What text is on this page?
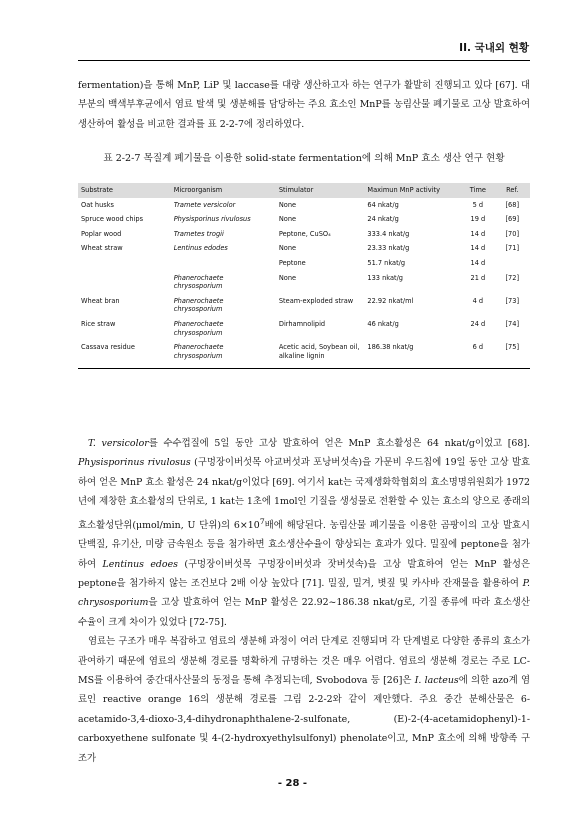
II. 국내외 현황

fermentation)을 통해 MnP, LiP 및 laccase를 대량 생산하고자 하는 연구가 활발히 진행되고 있다 [67]. 대부분의 백색부후균에서 염료 탈색 및 생분해를 담당하는 주요 효소인 MnP를 농림산물 폐기물로 고상 발효하여 생산하여 활성을 비교한 결과를 표 2-2-7에 정리하였다.

표 2-2-7 목질계 폐기물을 이용한 solid-state fermentation에 의해 MnP 효소 생산 연구 현황
Substrate	Microorganism	Stimulator	Maximun MnP activity	Time	Ref.
Oat husks	Tramete versicolor	None	64 nkat/g	5 d	[68]
Spruce wood chips	Physisporinus rivulosus	None	24 nkat/g	19 d	[69]
Poplar wood	Trametes trogii	Peptone, CuSO₄	333.4 nkat/g	14 d	[70]
Wheat straw	Lentinus edodes	None	23.33 nkat/g	14 d	[71]
		Peptone	51.7 nkat/g	14 d	
	Phanerochaete chrysosporium	None	133 nkat/g	21 d	[72]
Wheat bran	Phanerochaete chrysosporium	Steam-exploded straw	22.92 nkat/ml	4 d	[73]
Rice straw	Phanerochaete chrysosporium	Dirhamnolipid	46 nkat/g	24 d	[74]
Cassava residue	Phanerochaete chrysosporium	Acetic acid, Soybean oil, alkaline lignin	186.38 nkat/g	6 d	[75]

T. versicolor를 수수껍질에 5일 동안 고상 발효하여 얻은 MnP 효소활성은 64 nkat/g이었고 [68]. Physisporinus rivulosus (구멍장이버섯목 아교버섯과 포낭버섯속)을 가문비 우드칩에 19일 동안 고상 발효하여 얻은 MnP 효소 활성은 24 nkat/g이었다 [69]. 여기서 kat는 국제생화학협회의 효소명명위원회가 1972년에 제창한 효소활성의 단위로, 1 kat는 1초에 1mol인 기질을 생성물로 전환할 수 있는 효소의 양으로 종래의 효소활성단위(μmol/min, U 단위)의 $6\times 10^7$배에 해당된다. 농림산물 폐기물을 이용한 곰팡이의 고상 발효시 단백질, 유기산, 미량 금속원소 등을 첨가하면 효소생산수율이 향상되는 효과가 있다. 밀짚에 peptone을 첨가하여 Lentinus edoes (구멍장이버섯목 구멍장이버섯과 잣버섯속)을 고상 발효하여 얻는 MnP 활성은 peptone을 첨가하지 않는 조건보다 2배 이상 높았다 [71]. 밀짚, 밀겨, 볏짚 및 카사바 잔재물을 활용하여 P. chrysosporium을 고상 발효하여 얻는 MnP 활성은 22.92~186.38 nkat/g로, 기질 종류에 따라 효소생산수율이 크게 차이가 있었다 [72-75].
염료는 구조가 매우 복잡하고 염료의 생분해 과정이 여러 단계로 진행되며 각 단계별로 다양한 종류의 효소가 관여하기 때문에 염료의 생분해 경로를 명확하게 규명하는 것은 매우 어렵다. 염료의 생분해 경로는 주로 LC-MS를 이용하여 중간대사산물의 동정을 통해 추정되는데, Svobodova 등 [26]은 I. lacteus에 의한 azo계 염료인 reactive orange 16의 생분해 경로를 그림 2-2-2와 같이 제안했다. 주요 중간 분해산물은 6-acetamido-3,4-dioxo-3,4-dihydronaphthalene-2-sulfonate, (E)-2-(4-acetamidophenyl)-1-carboxyethene sulfonate 및 4-(2-hydroxyethylsulfonyl) phenolate이고, MnP 효소에 의해 방향족 구조가

- 28 -
